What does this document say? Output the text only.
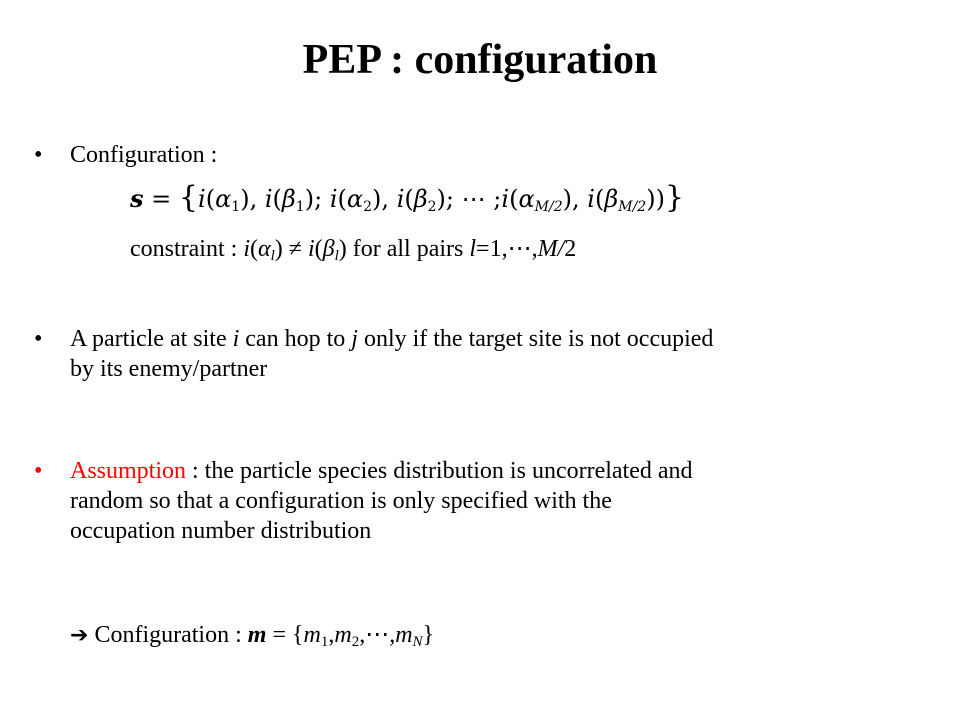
PEP : configuration
• Configuration :
$s = \{i(\alpha_1)$, $i(\beta_1)$; $i(\alpha_2)$, $i(\beta_2)$; ⋯ $;i(\alpha_{M/2})$, $i(\beta_{M/2})$)}
constraint : $i(\alpha_l) \ne i(\beta_l)$ for all pairs l=1,⋯,M/2
• A particle at site i can hop to j only if the target site is not occupied
by its enemy/partner
• Assumption : the particle species distribution is uncorrelated and
random so that a configuration is only specified with the
occupation number distribution
➔ Configuration : $m = \{m_1,m_2,\cdots,m_N\}$
